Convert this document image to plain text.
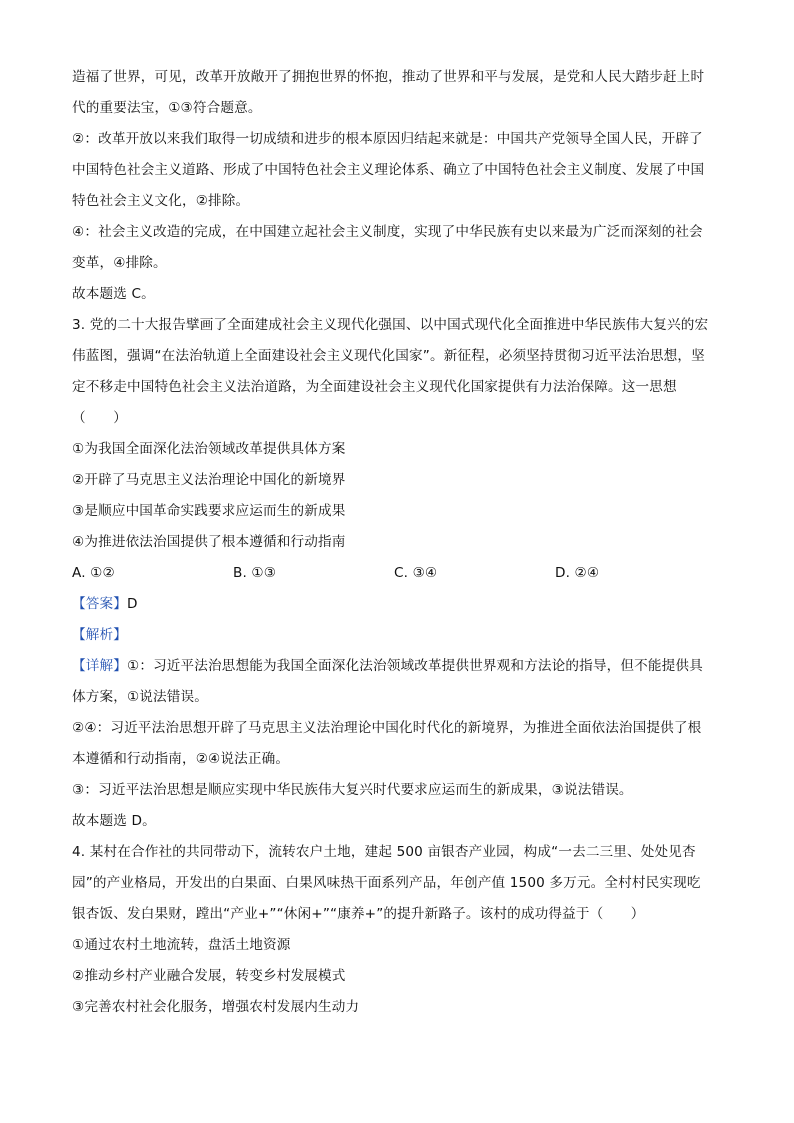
造福了世界，可见，改革开放敞开了拥抱世界的怀抱，推动了世界和平与发展，是党和人民大踏步赶上时
代的重要法宝，①③符合题意。
②：改革开放以来我们取得一切成绩和进步的根本原因归结起来就是：中国共产党领导全国人民，开辟了
中国特色社会主义道路、形成了中国特色社会主义理论体系、确立了中国特色社会主义制度、发展了中国
特色社会主义文化，②排除。
④：社会主义改造的完成，在中国建立起社会主义制度，实现了中华民族有史以来最为广泛而深刻的社会
变革，④排除。
故本题选 C。
3. 党的二十大报告擘画了全面建成社会主义现代化强国、以中国式现代化全面推进中华民族伟大复兴的宏
伟蓝图，强调“在法治轨道上全面建设社会主义现代化国家”。新征程，必须坚持贯彻习近平法治思想，坚
定不移走中国特色社会主义法治道路，为全面建设社会主义现代化国家提供有力法治保障。这一思想
（　　）
①为我国全面深化法治领域改革提供具体方案
②开辟了马克思主义法治理论中国化的新境界
③是顺应中国革命实践要求应运而生的新成果
④为推进依法治国提供了根本遵循和行动指南
A. ①②	B. ①③	C. ③④	D. ②④
【答案】D
【解析】
【详解】①：习近平法治思想能为我国全面深化法治领域改革提供世界观和方法论的指导，但不能提供具
体方案，①说法错误。
②④：习近平法治思想开辟了马克思主义法治理论中国化时代化的新境界，为推进全面依法治国提供了根
本遵循和行动指南，②④说法正确。
③：习近平法治思想是顺应实现中华民族伟大复兴时代要求应运而生的新成果，③说法错误。
故本题选 D。
4. 某村在合作社的共同带动下，流转农户土地，建起 500 亩银杏产业园，构成“一去二三里、处处见杏
园”的产业格局，开发出的白果面、白果风味热干面系列产品，年创产值 1500 多万元。全村村民实现吃
银杏饭、发白果财，蹚出“产业+”“休闲+”“康养+”的提升新路子。该村的成功得益于（　　）
①通过农村土地流转，盘活土地资源
②推动乡村产业融合发展，转变乡村发展模式
③完善农村社会化服务，增强农村发展内生动力
